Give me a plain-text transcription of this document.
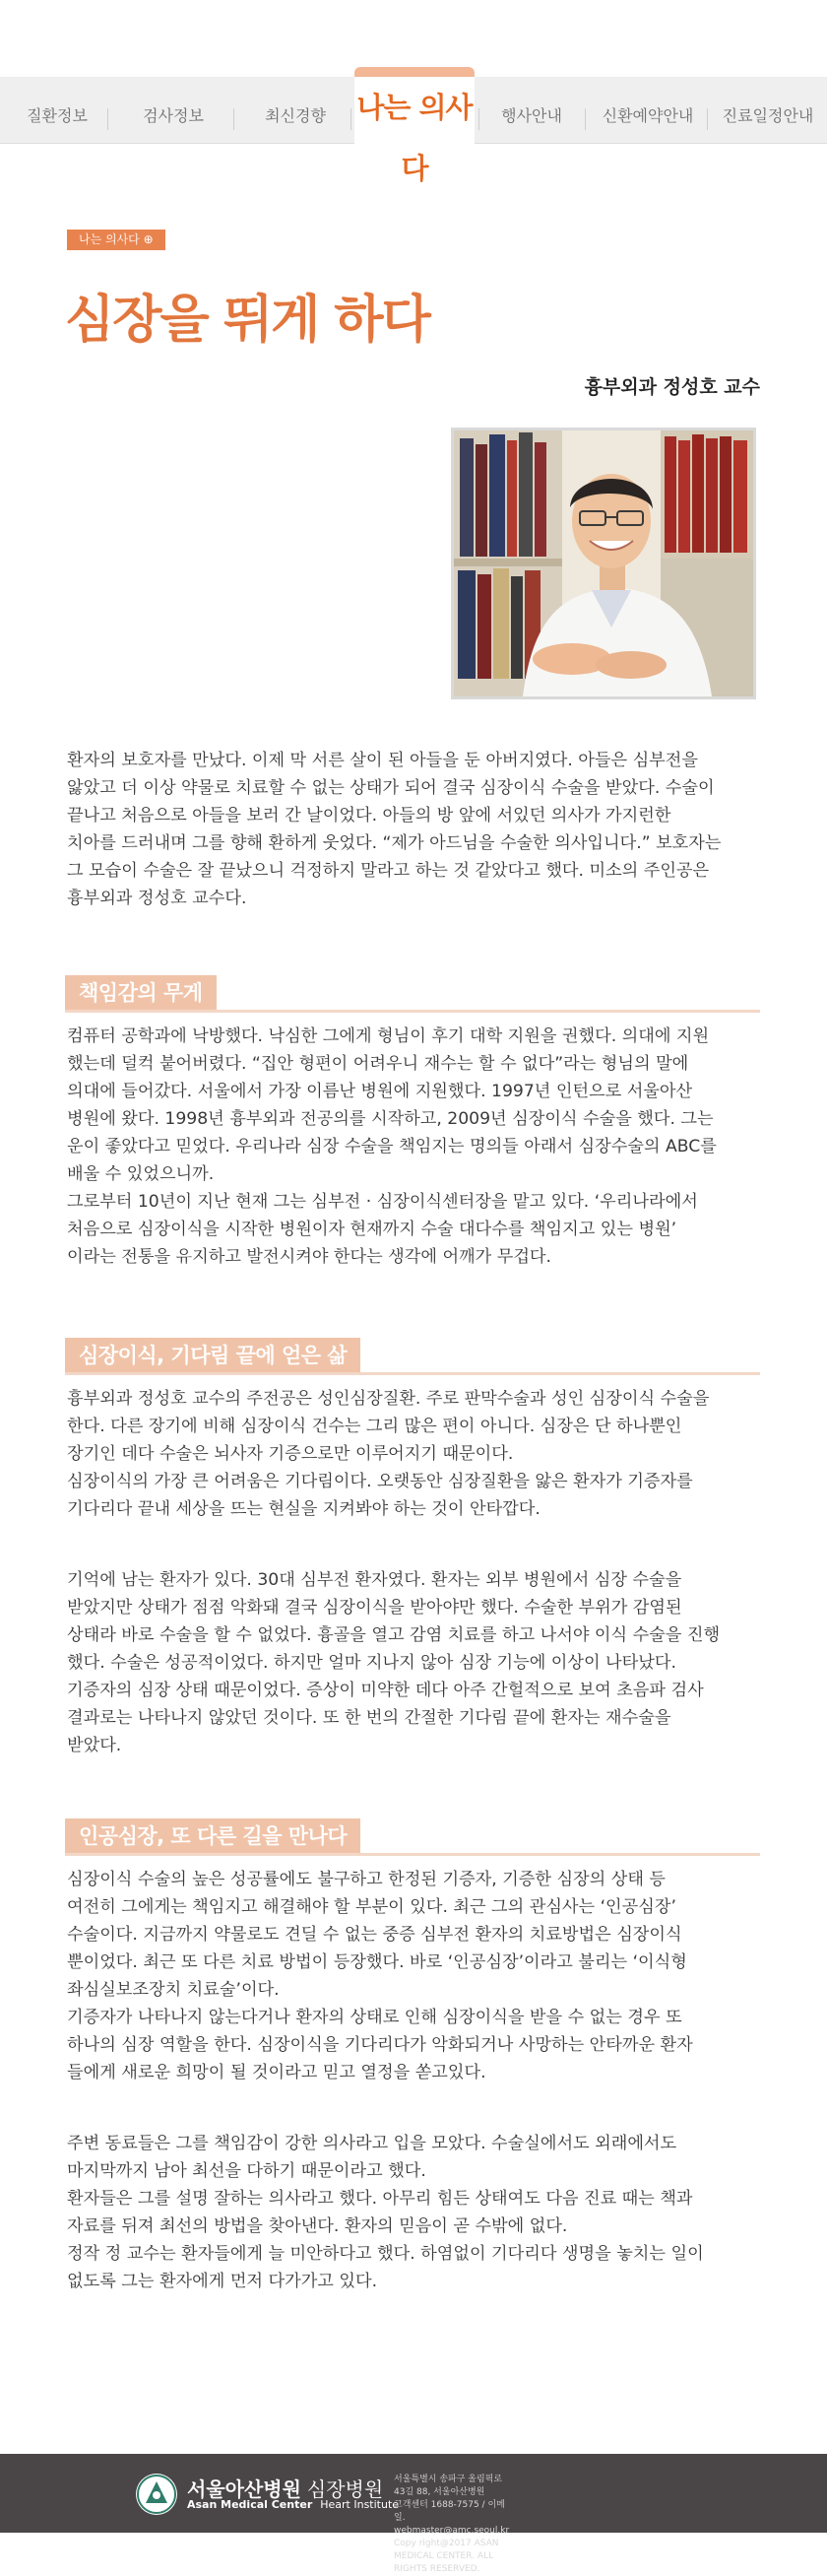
질환정보	검사정보	최신경향	행사안내	신환예약안내	진료일정안내
나는 의사다
나는 의사다 ⊕
심장을 뛰게 하다
흉부외과 정성호 교수

환자의 보호자를 만났다. 이제 막 서른 살이 된 아들을 둔 아버지였다. 아들은 심부전을
앓았고 더 이상 약물로 치료할 수 없는 상태가 되어 결국 심장이식 수술을 받았다. 수술이
끝나고 처음으로 아들을 보러 간 날이었다. 아들의 방 앞에 서있던 의사가 가지런한
치아를 드러내며 그를 향해 환하게 웃었다. “제가 아드님을 수술한 의사입니다.” 보호자는
그 모습이 수술은 잘 끝났으니 걱정하지 말라고 하는 것 같았다고 했다. 미소의 주인공은
흉부외과 정성호 교수다.

책임감의 무게

컴퓨터 공학과에 낙방했다. 낙심한 그에게 형님이 후기 대학 지원을 권했다. 의대에 지원
했는데 덜컥 붙어버렸다. “집안 형편이 어려우니 재수는 할 수 없다”라는 형님의 말에
의대에 들어갔다. 서울에서 가장 이름난 병원에 지원했다. 1997년 인턴으로 서울아산
병원에 왔다. 1998년 흉부외과 전공의를 시작하고, 2009년 심장이식 수술을 했다. 그는
운이 좋았다고 믿었다. 우리나라 심장 수술을 책임지는 명의들 아래서 심장수술의 ABC를
배울 수 있었으니까.
그로부터 10년이 지난 현재 그는 심부전 · 심장이식센터장을 맡고 있다. ‘우리나라에서
처음으로 심장이식을 시작한 병원이자 현재까지 수술 대다수를 책임지고 있는 병원’
이라는 전통을 유지하고 발전시켜야 한다는 생각에 어깨가 무겁다.

심장이식, 기다림 끝에 얻은 삶

흉부외과 정성호 교수의 주전공은 성인심장질환. 주로 판막수술과 성인 심장이식 수술을
한다. 다른 장기에 비해 심장이식 건수는 그리 많은 편이 아니다. 심장은 단 하나뿐인
장기인 데다 수술은 뇌사자 기증으로만 이루어지기 때문이다.
심장이식의 가장 큰 어려움은 기다림이다. 오랫동안 심장질환을 앓은 환자가 기증자를
기다리다 끝내 세상을 뜨는 현실을 지켜봐야 하는 것이 안타깝다.

기억에 남는 환자가 있다. 30대 심부전 환자였다. 환자는 외부 병원에서 심장 수술을
받았지만 상태가 점점 악화돼 결국 심장이식을 받아야만 했다. 수술한 부위가 감염된
상태라 바로 수술을 할 수 없었다. 흉골을 열고 감염 치료를 하고 나서야 이식 수술을 진행
했다. 수술은 성공적이었다. 하지만 얼마 지나지 않아 심장 기능에 이상이 나타났다.
기증자의 심장 상태 때문이었다. 증상이 미약한 데다 아주 간헐적으로 보여 초음파 검사
결과로는 나타나지 않았던 것이다. 또 한 번의 간절한 기다림 끝에 환자는 재수술을
받았다.

인공심장, 또 다른 길을 만나다

심장이식 수술의 높은 성공률에도 불구하고 한정된 기증자, 기증한 심장의 상태 등
여전히 그에게는 책임지고 해결해야 할 부분이 있다. 최근 그의 관심사는 ‘인공심장’
수술이다. 지금까지 약물로도 견딜 수 없는 중증 심부전 환자의 치료방법은 심장이식
뿐이었다. 최근 또 다른 치료 방법이 등장했다. 바로 ‘인공심장’이라고 불리는 ‘이식형
좌심실보조장치 치료술’이다.
기증자가 나타나지 않는다거나 환자의 상태로 인해 심장이식을 받을 수 없는 경우 또
하나의 심장 역할을 한다. 심장이식을 기다리다가 악화되거나 사망하는 안타까운 환자
들에게 새로운 희망이 될 것이라고 믿고 열정을 쏟고있다.

주변 동료들은 그를 책임감이 강한 의사라고 입을 모았다. 수술실에서도 외래에서도
마지막까지 남아 최선을 다하기 때문이라고 했다.
환자들은 그를 설명 잘하는 의사라고 했다. 아무리 힘든 상태여도 다음 진료 때는 책과
자료를 뒤져 최선의 방법을 찾아낸다. 환자의 믿음이 곧 수밖에 없다.
정작 정 교수는 환자들에게 늘 미안하다고 했다. 하염없이 기다리다 생명을 놓치는 일이
없도록 그는 환자에게 먼저 다가가고 있다.

서울아산병원 심장병원
Asan Medical Center Heart Institute
서울특별시 송파구 올림픽로 43길 88, 서울아산병원
고객센터 1688-7575 / 이메일. webmaster@amc.seoul.kr
Copy right@2017 ASAN MEDICAL CENTER. ALL RIGHTS RESERVED.
